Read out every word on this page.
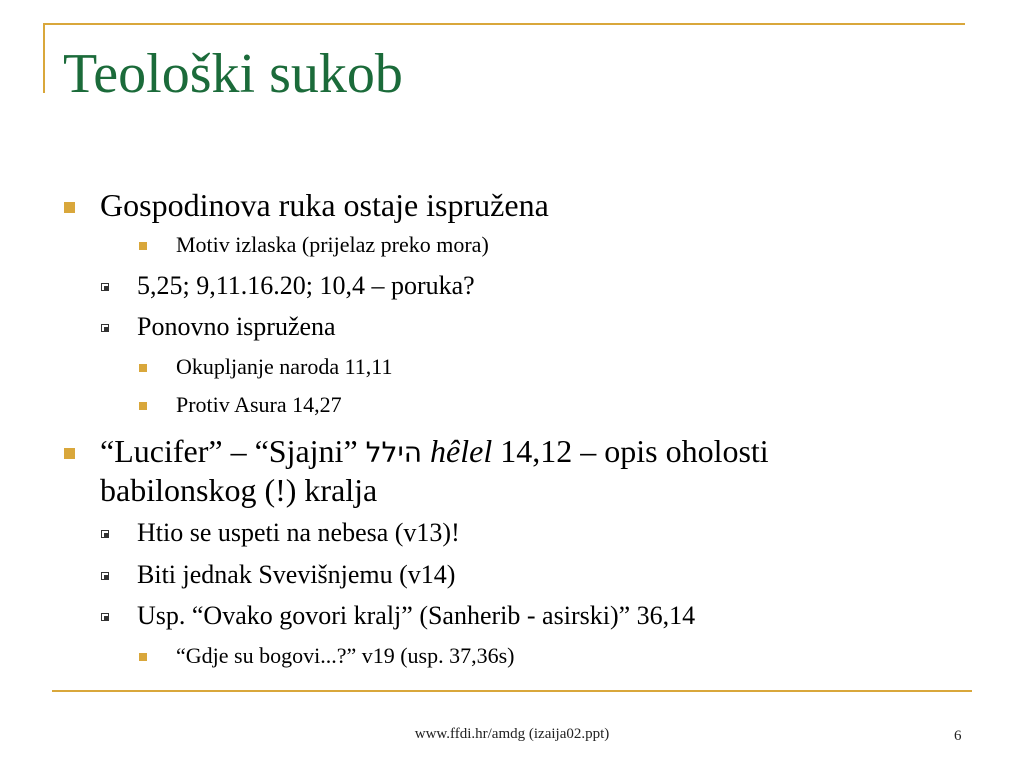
Teološki sukob
Gospodinova ruka ostaje ispružena
Motiv izlaska (prijelaz preko mora)
5,25; 9,11.16.20; 10,4 – poruka?
Ponovno ispružena
Okupljanje naroda 11,11
Protiv Asura 14,27
“Lucifer” – “Sjajni” הילל hêlel 14,12 – opis oholosti
babilonskog (!) kralja
Htio se uspeti na nebesa (v13)!
Biti jednak Svevišnjemu (v14)
Usp. “Ovako govori kralj” (Sanherib - asirski)” 36,14
“Gdje su bogovi...?” v19 (usp. 37,36s)
www.ffdi.hr/amdg (izaija02.ppt)	6
